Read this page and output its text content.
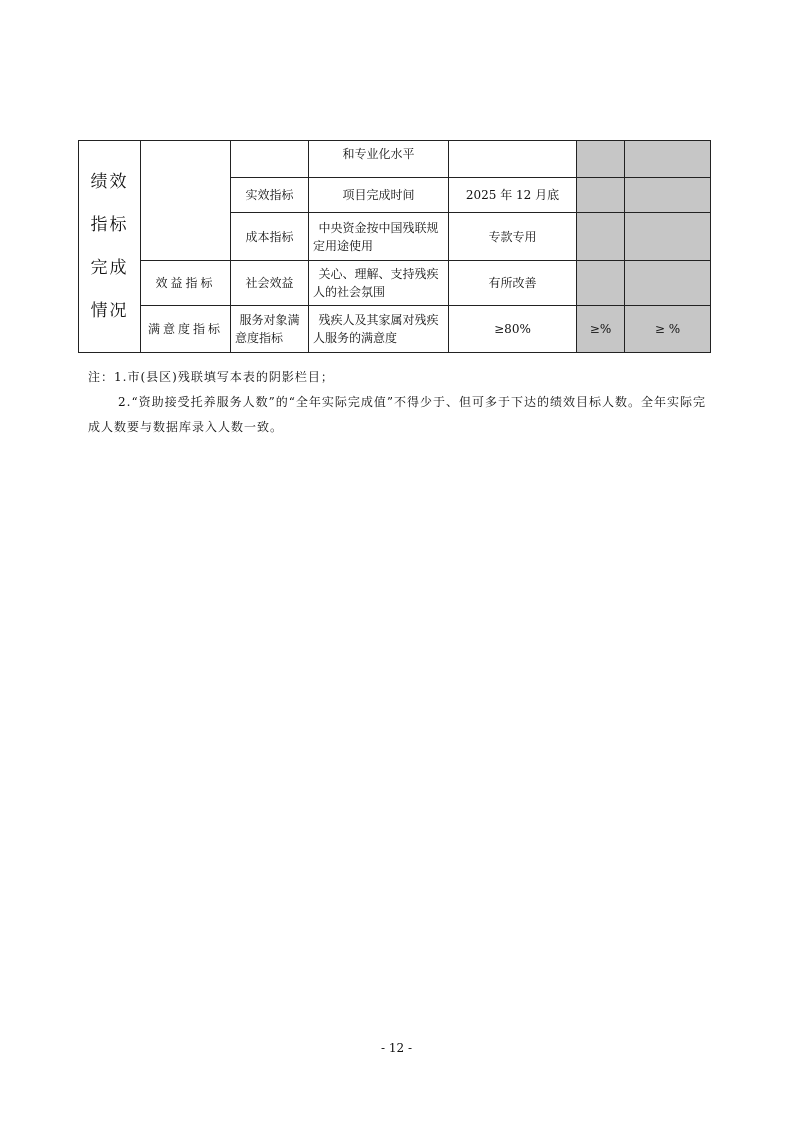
绩效
指标
完成
情况			和专业化水平			
		实效指标	项目完成时间	2025 年 12 月底		
		成本指标	中央资金按中国残联规定用途使用	专款专用		
	效益指标	社会效益	关心、理解、支持残疾人的社会氛围	有所改善		
	满意度指标	服务对象满意度指标	残疾人及其家属对残疾人服务的满意度	≥80%	≥%	≥ %

注：1.市(县区)残联填写本表的阴影栏目；

2.“资助接受托养服务人数”的“全年实际完成值”不得少于、但可多于下达的绩效目标人数。全年实际完成人数要与数据库录入人数一致。

- 12 -
